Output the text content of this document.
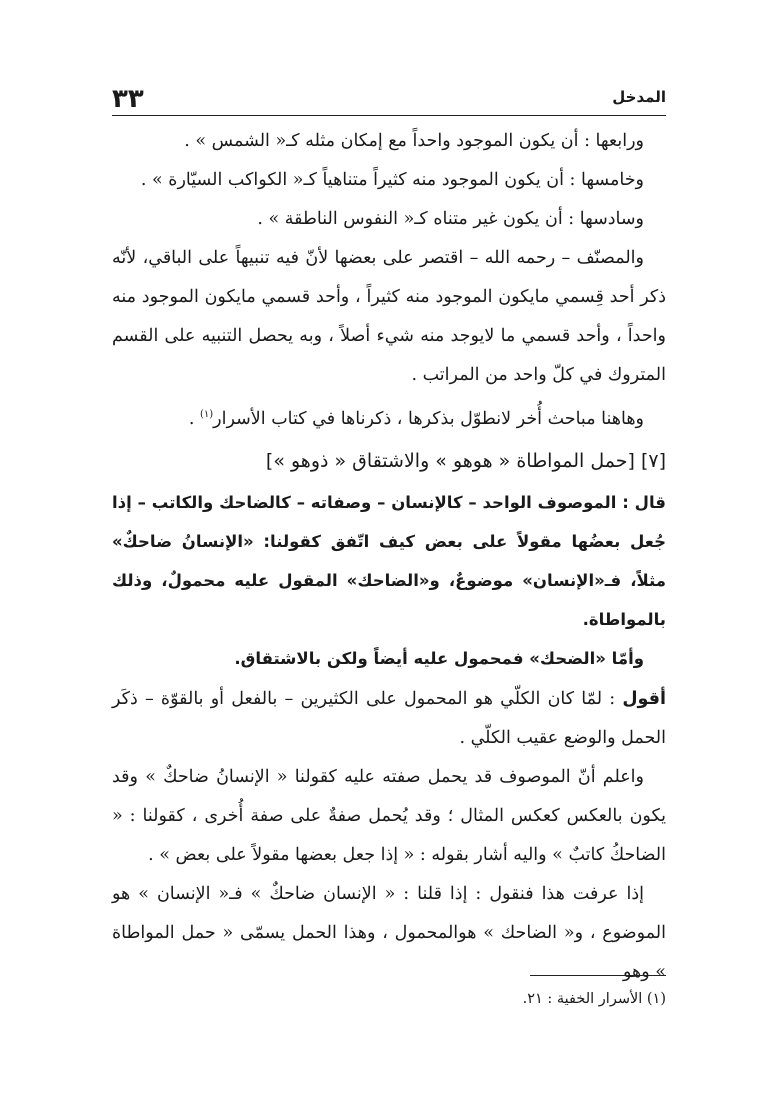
٣٣	المدخل

ورابعها : أن يكون الموجود واحداً مع إمكان مثله كـ« الشمس » .

وخامسها : أن يكون الموجود منه كثيراً متناهياً كـ« الكواكب السيّارة » .

وسادسها : أن يكون غير متناه كـ« النفوس الناطقة » .

والمصنّف – رحمه الله – اقتصر على بعضها لأنّ فيه تنبيهاً على الباقي، لأنّه ذكر أحد قِسمي مايكون الموجود منه كثيراً ، وأحد قسمي مايكون الموجود منه واحداً ، وأحد قسمي ما لايوجد منه شيء أصلاً ، وبه يحصل التنبيه على القسم المتروك في كلّ واحد من المراتب .

وهاهنا مباحث أُخر لانطوّل بذكرها ، ذكرناها في كتاب الأسرار$^{(١)}$ .

[٧] [حمل المواطاة « هوهو » والاشتقاق « ذوهو »]

قال : الموصوف الواحد – كالإنسان – وصفاته – كالضاحك والكاتب – إذا جُعل بعضُها مقولاً على بعض كيف اتّفق كقولنا: «الإنسانُ ضاحكٌ» مثلاً، فـ«الإنسان» موضوعٌ، و«الضاحك» المقول عليه محمولٌ، وذلك بالمواطاة.

وأمّا «الضحك» فمحمول عليه أيضاً ولكن بالاشتقاق.

أقول : لمّا كان الكلّي هو المحمول على الكثيرين – بالفعل أو بالقوّة – ذكَر الحمل والوضع عقيب الكلّي .

واعلم أنّ الموصوف قد يحمل صفته عليه كقولنا « الإنسانُ ضاحكٌ » وقد يكون بالعكس كعكس المثال ؛ وقد يُحمل صفةٌ على صفة أُخرى ، كقولنا : « الضاحكُ كاتبٌ » واليه أشار بقوله : « إذا جعل بعضها مقولاً على بعض » .

إذا عرفت هذا فنقول : إذا قلنا : « الإنسان ضاحكٌ » فـ« الإنسان » هو الموضوع ، و« الضاحك » هوالمحمول ، وهذا الحمل يسمّى « حمل المواطاة » وهو

(١) الأسرار الخفية : ٢١.
